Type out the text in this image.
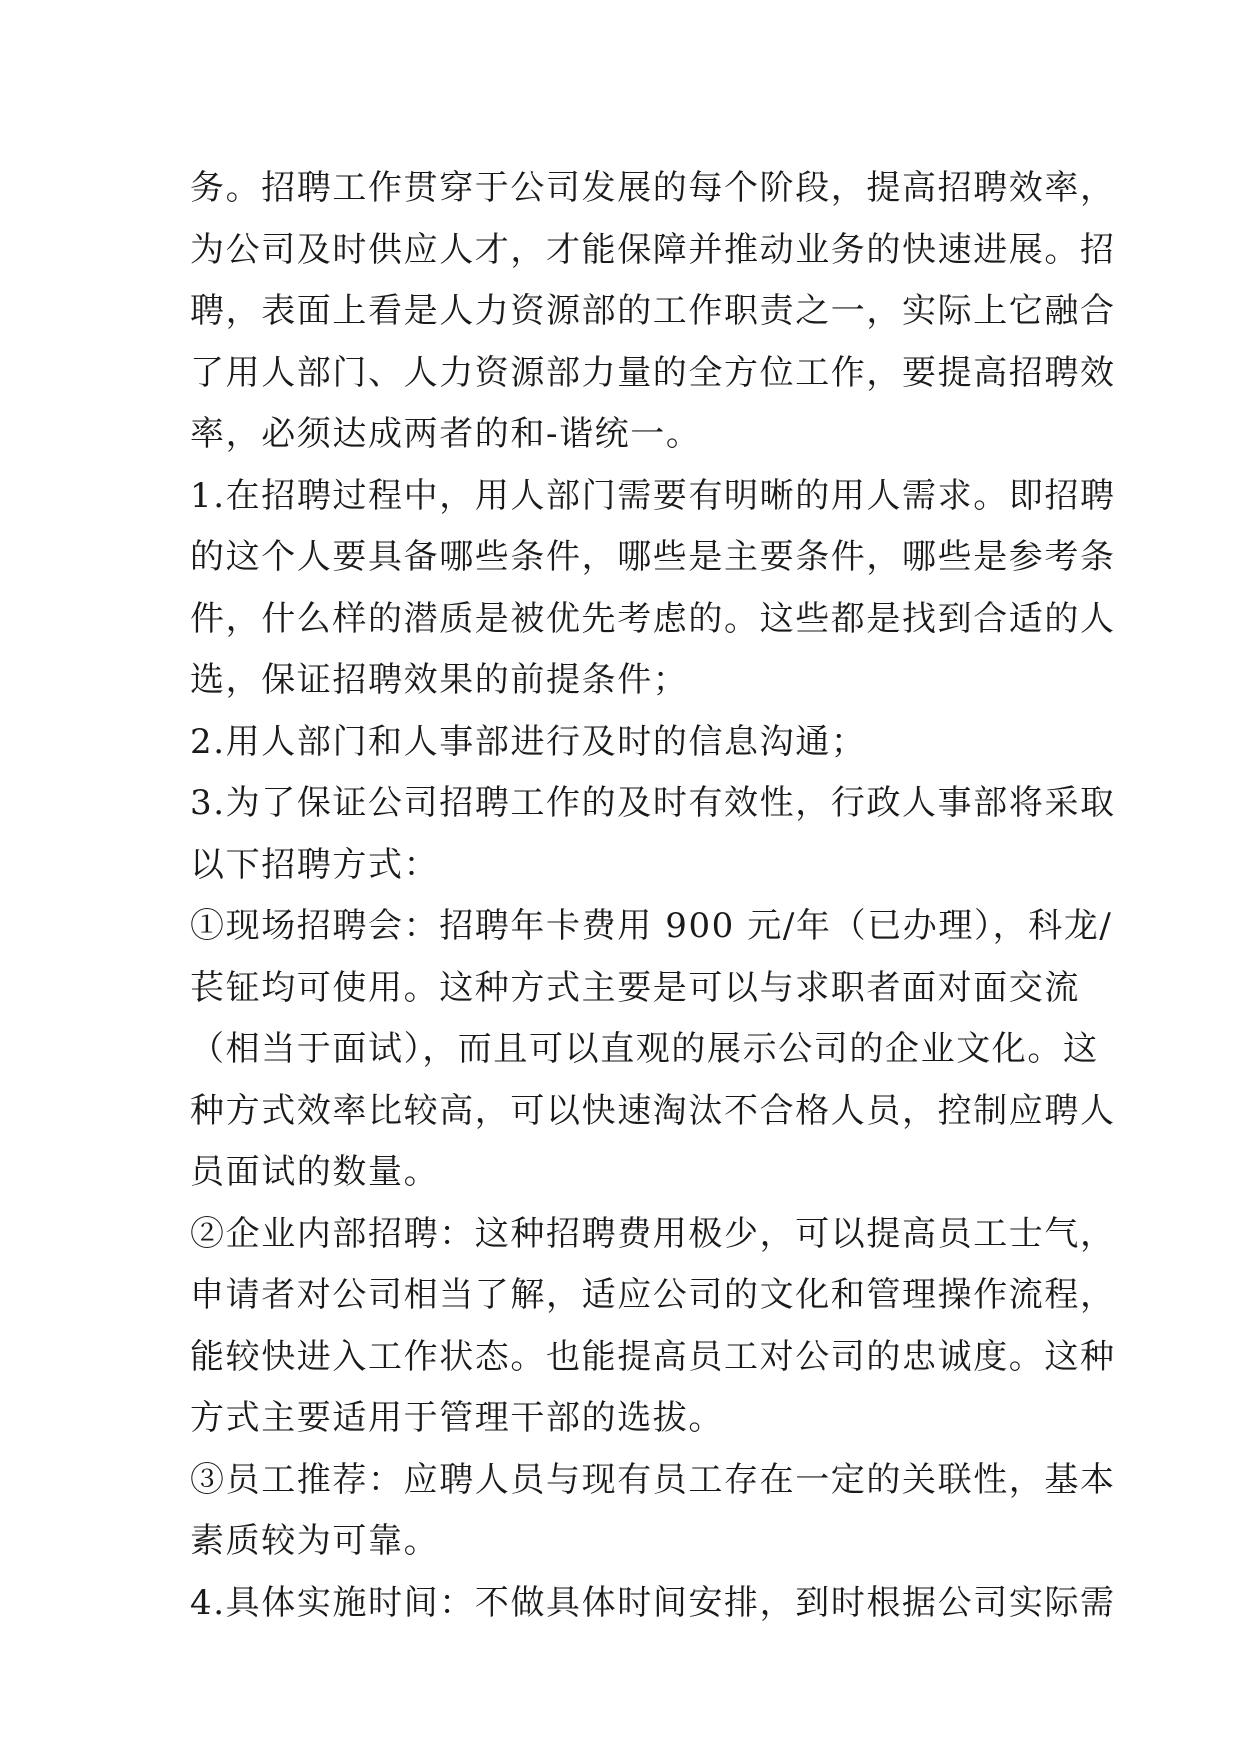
务。招聘工作贯穿于公司发展的每个阶段，提高招聘效率，
为公司及时供应人才，才能保障并推动业务的快速进展。招
聘，表面上看是人力资源部的工作职责之一，实际上它融合
了用人部门、人力资源部力量的全方位工作，要提高招聘效
率，必须达成两者的和-谐统一。
1.在招聘过程中，用人部门需要有明晰的用人需求。即招聘
的这个人要具备哪些条件，哪些是主要条件，哪些是参考条
件，什么样的潜质是被优先考虑的。这些都是找到合适的人
选，保证招聘效果的前提条件；
2.用人部门和人事部进行及时的信息沟通；
3.为了保证公司招聘工作的及时有效性，行政人事部将采取
以下招聘方式：
①现场招聘会：招聘年卡费用 900 元/年（已办理），科龙/
苌钲均可使用。这种方式主要是可以与求职者面对面交流
（相当于面试），而且可以直观的展示公司的企业文化。这
种方式效率比较高，可以快速淘汰不合格人员，控制应聘人
员面试的数量。
②企业内部招聘：这种招聘费用极少，可以提高员工士气，
申请者对公司相当了解，适应公司的文化和管理操作流程，
能较快进入工作状态。也能提高员工对公司的忠诚度。这种
方式主要适用于管理干部的选拔。
③员工推荐：应聘人员与现有员工存在一定的关联性，基本
素质较为可靠。
4.具体实施时间：不做具体时间安排，到时根据公司实际需
